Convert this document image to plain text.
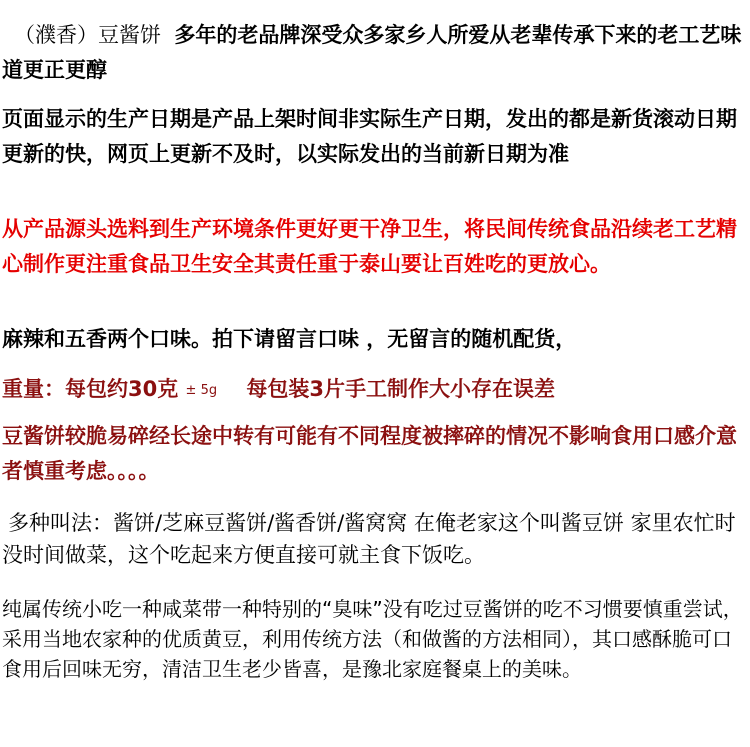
（濮香）豆酱饼 多年的老品牌深受众多家乡人所爱从老辈传承下来的老工艺味道更正更醇
页面显示的生产日期是产品上架时间非实际生产日期，发出的都是新货滚动日期更新的快，网页上更新不及时，以实际发出的当前新日期为准
从产品源头选料到生产环境条件更好更干净卫生，将民间传统食品沿续老工艺精心制作更注重食品卫生安全其责任重于泰山要让百姓吃的更放心。
麻辣和五香两个口味。拍下请留言口味 ，无留言的随机配货，
重量：每包约30克 ± 5g 每包装3片手工制作大小存在误差
豆酱饼较脆易碎经长途中转有可能有不同程度被摔碎的情况不影响食用口感介意者慎重考虑。。。。
多种叫法：酱饼/芝麻豆酱饼/酱香饼/酱窝窝 在俺老家这个叫酱豆饼 家里农忙时没时间做菜，这个吃起来方便直接可就主食下饭吃。
纯属传统小吃一种咸菜带一种特别的“臭味”没有吃过豆酱饼的吃不习惯要慎重尝试，采用当地农家种的优质黄豆，利用传统方法（和做酱的方法相同），其口感酥脆可口食用后回味无穷，清洁卫生老少皆喜，是豫北家庭餐桌上的美味。
